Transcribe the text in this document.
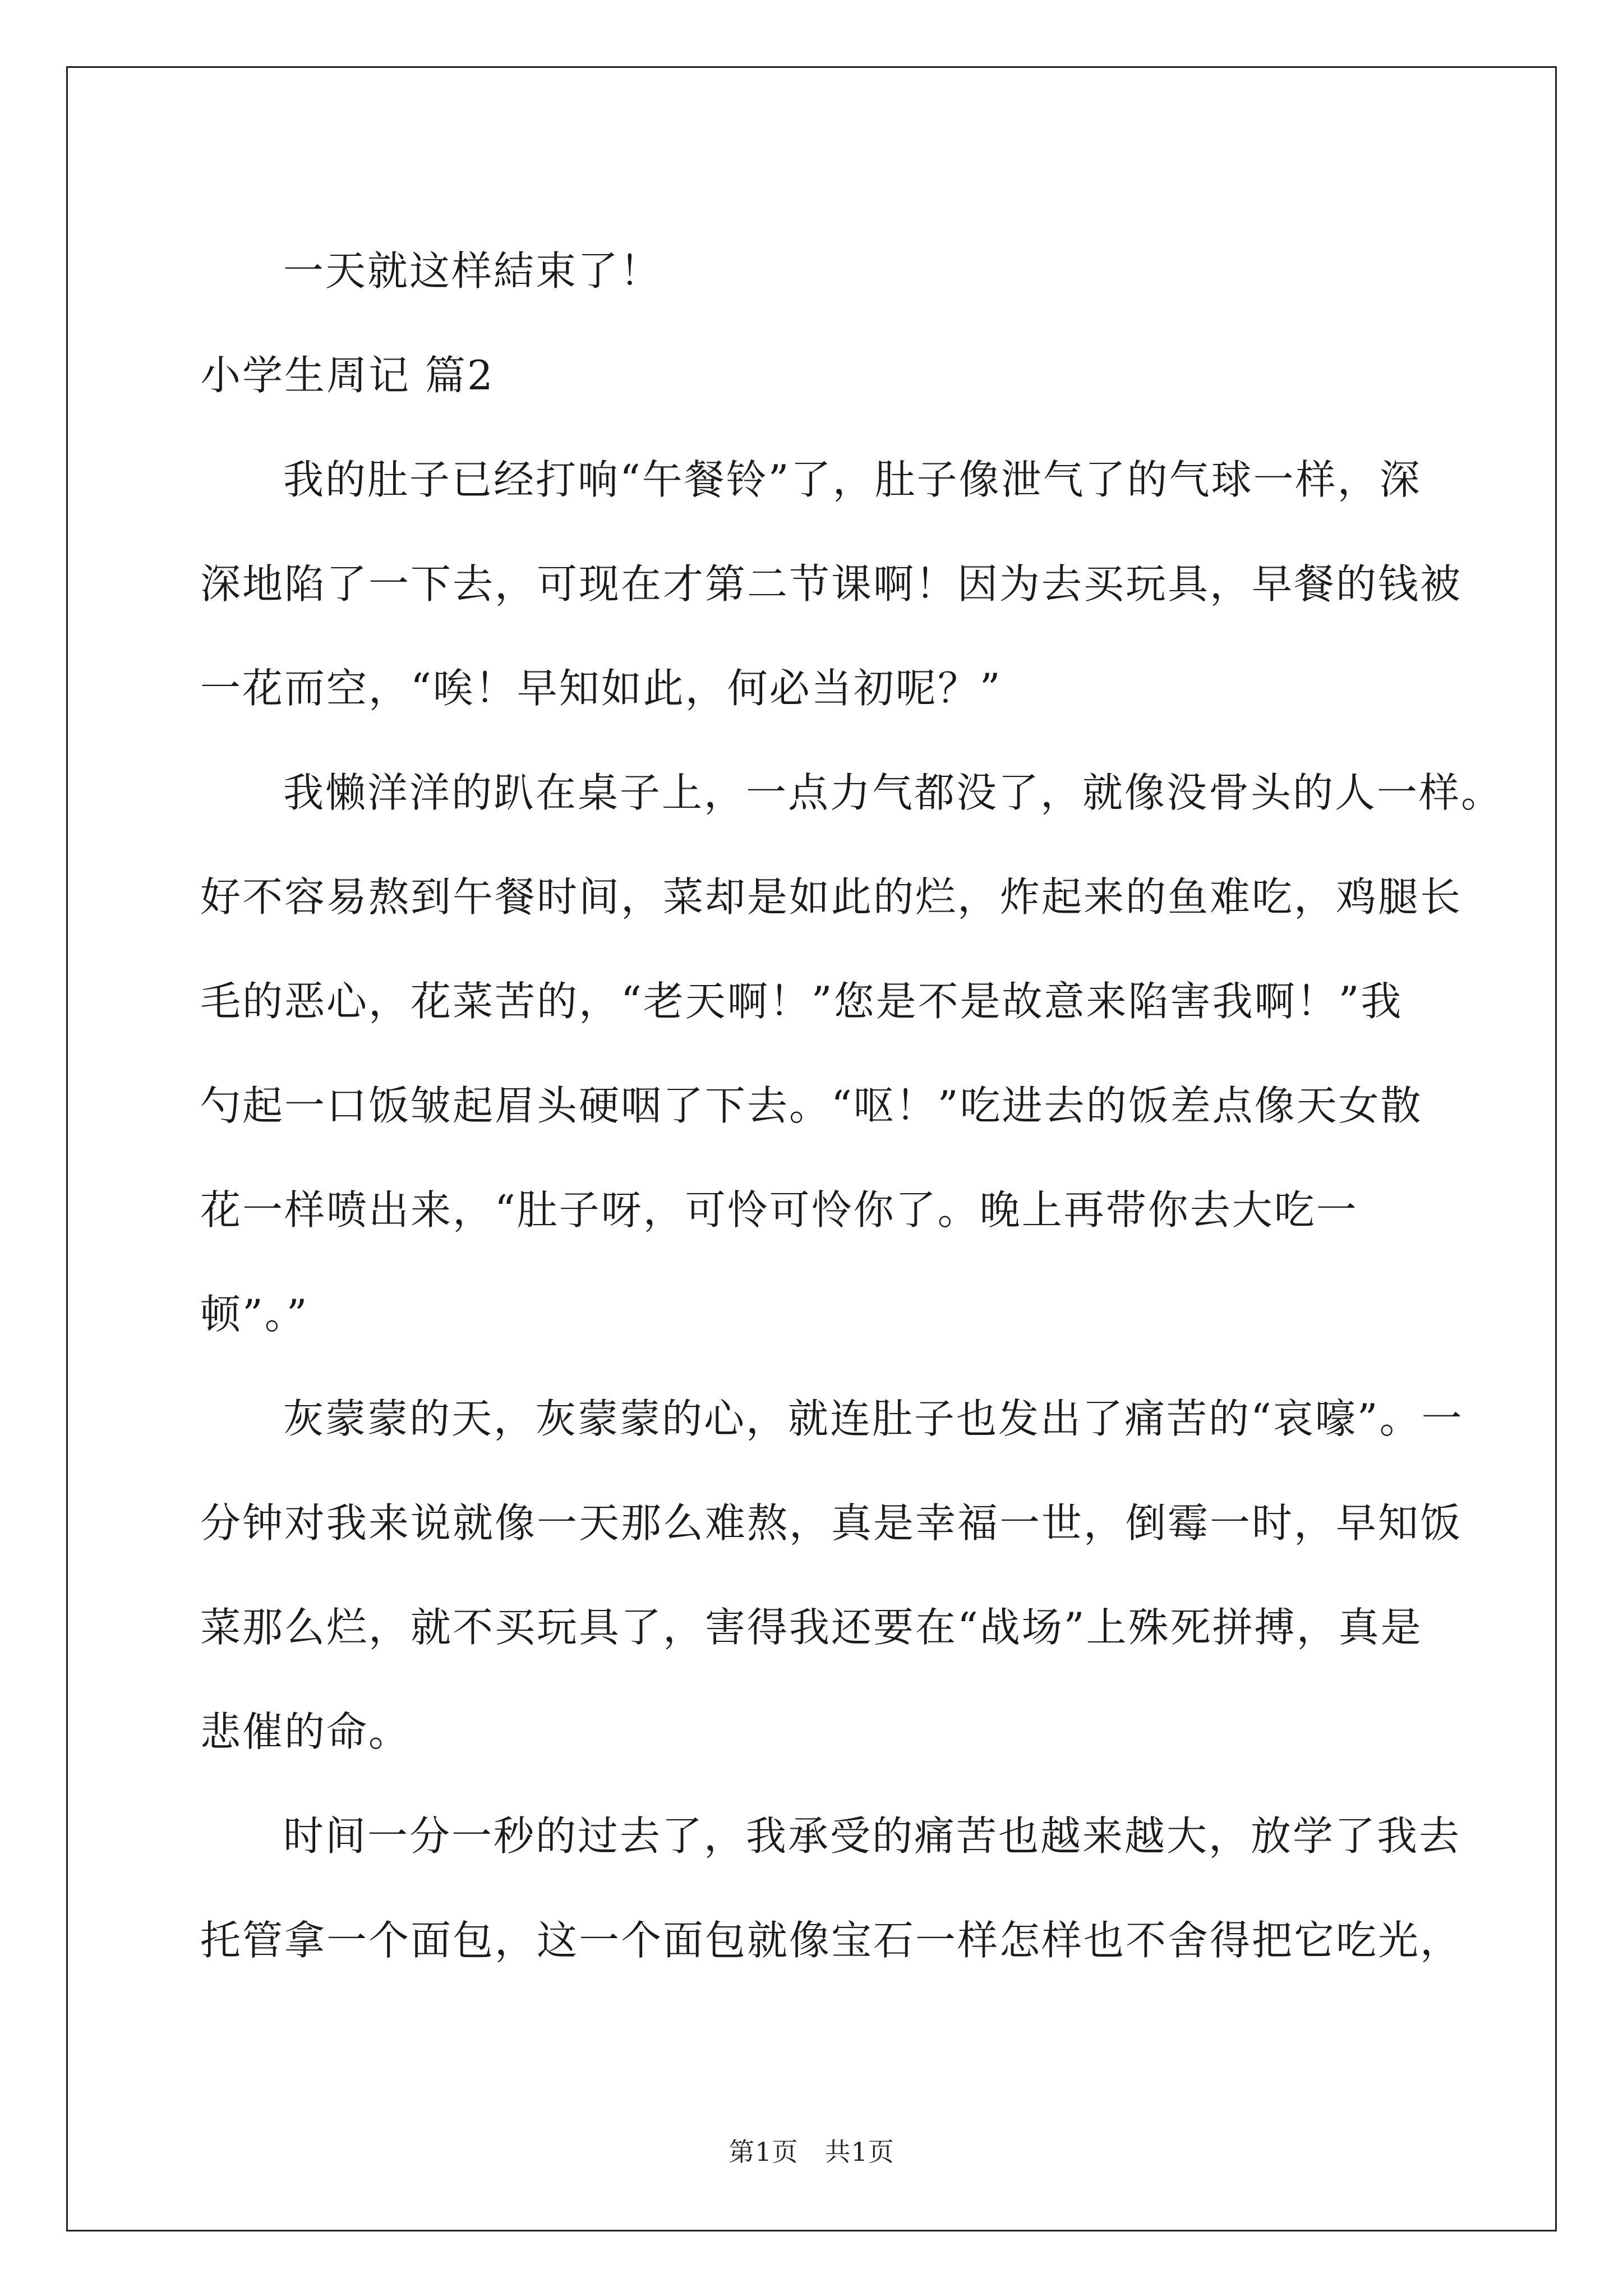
一天就这样結束了！
小学生周记 篇2
我的肚子已经打响“午餐铃”了，肚子像泄气了的气球一样，深
深地陷了一下去，可现在才第二节课啊！因为去买玩具，早餐的钱被
一花而空，“唉！早知如此，何必当初呢？”
我懒洋洋的趴在桌子上，一点力气都没了，就像没骨头的人一样。
好不容易熬到午餐时间，菜却是如此的烂，炸起来的鱼难吃，鸡腿长
毛的恶心，花菜苦的，“老天啊！”您是不是故意来陷害我啊！”我
勺起一口饭皱起眉头硬咽了下去。“呕！”吃进去的饭差点像天女散
花一样喷出来，“肚子呀，可怜可怜你了。晚上再带你去大吃一
顿”。”
灰蒙蒙的天，灰蒙蒙的心，就连肚子也发出了痛苦的“哀嚎”。一
分钟对我来说就像一天那么难熬，真是幸福一世，倒霉一时，早知饭
菜那么烂，就不买玩具了，害得我还要在“战场”上殊死拼搏，真是
悲催的命。
时间一分一秒的过去了，我承受的痛苦也越来越大，放学了我去
托管拿一个面包，这一个面包就像宝石一样怎样也不舍得把它吃光，
第1页　共1页
